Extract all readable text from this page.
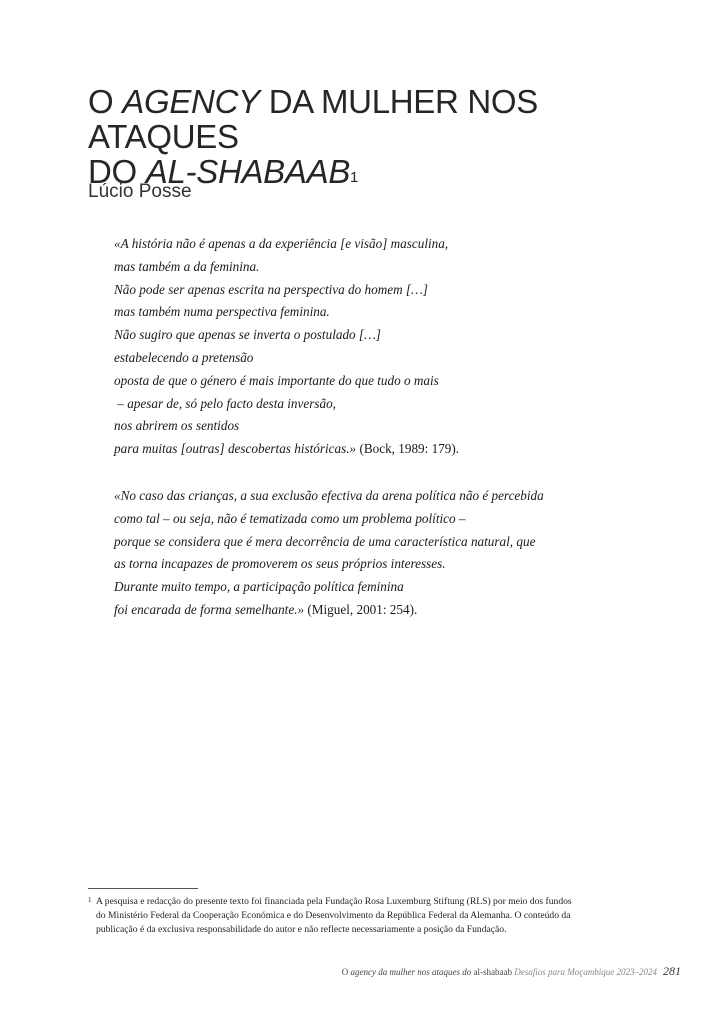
O AGENCY DA MULHER NOS ATAQUES
DO AL-SHABAAB$^1$
Lúcio Posse
«A história não é apenas a da experiência [e visão] masculina,
mas também a da feminina.
Não pode ser apenas escrita na perspectiva do homem […]
mas também numa perspectiva feminina.
Não sugiro que apenas se inverta o postulado […]
estabelecendo a pretensão
oposta de que o género é mais importante do que tudo o mais
– apesar de, só pelo facto desta inversão,
nos abrirem os sentidos
para muitas [outras] descobertas históricas.» (Bock, 1989: 179).
«No caso das crianças, a sua exclusão efectiva da arena política não é percebida
como tal – ou seja, não é tematizada como um problema político –
porque se considera que é mera decorrência de uma característica natural, que
as torna incapazes de promoverem os seus próprios interesses.
Durante muito tempo, a participação política feminina
foi encarada de forma semelhante.» (Miguel, 2001: 254).
1 A pesquisa e redacção do presente texto foi financiada pela Fundação Rosa Luxemburg Stiftung (RLS) por meio dos fundos
do Ministério Federal da Cooperação Económica e do Desenvolvimento da República Federal da Alemanha. O conteúdo da
publicação é da exclusiva responsabilidade do autor e não reflecte necessariamente a posição da Fundação.
O agency da mulher nos ataques do al-shabaab Desafios para Moçambique 2023–2024 281
